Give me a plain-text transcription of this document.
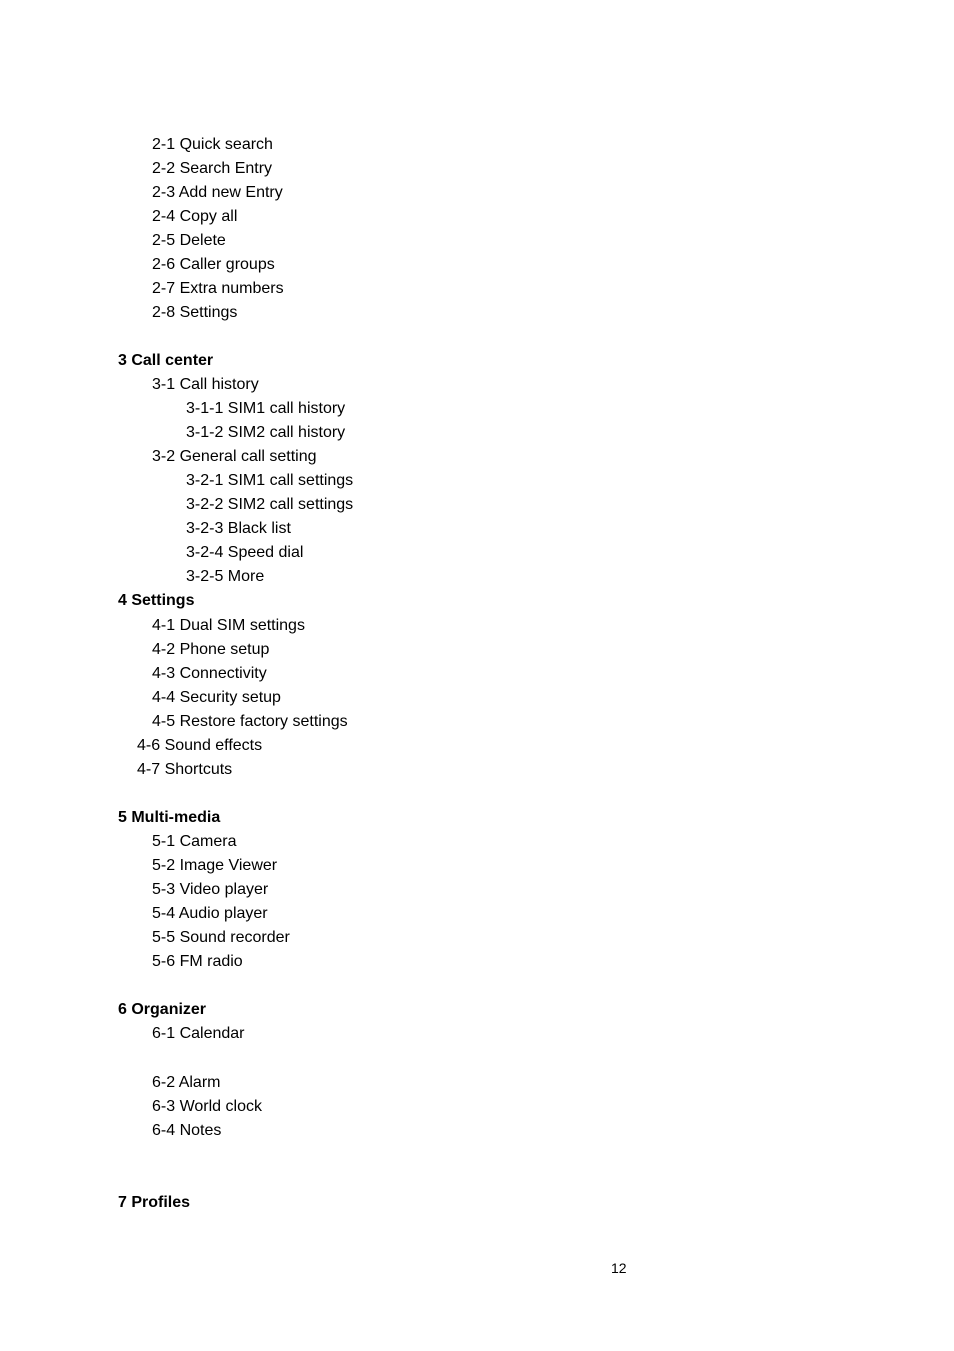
2-1 Quick search
2-2 Search Entry
2-3 Add new Entry
2-4 Copy all
2-5 Delete
2-6 Caller groups
2-7 Extra numbers
2-8 Settings
3 Call center
3-1 Call history
3-1-1 SIM1 call history
3-1-2 SIM2 call history
3-2 General call setting
3-2-1 SIM1 call settings
3-2-2 SIM2 call settings
3-2-3 Black list
3-2-4 Speed dial
3-2-5 More
4 Settings
4-1 Dual SIM settings
4-2 Phone setup
4-3 Connectivity
4-4 Security setup
4-5 Restore factory settings
4-6 Sound effects
4-7 Shortcuts
5 Multi-media
5-1 Camera
5-2 Image Viewer
5-3 Video player
5-4 Audio player
5-5 Sound recorder
5-6 FM radio
6 Organizer
6-1 Calendar
6-2 Alarm
6-3 World clock
6-4 Notes
7 Profiles
12
